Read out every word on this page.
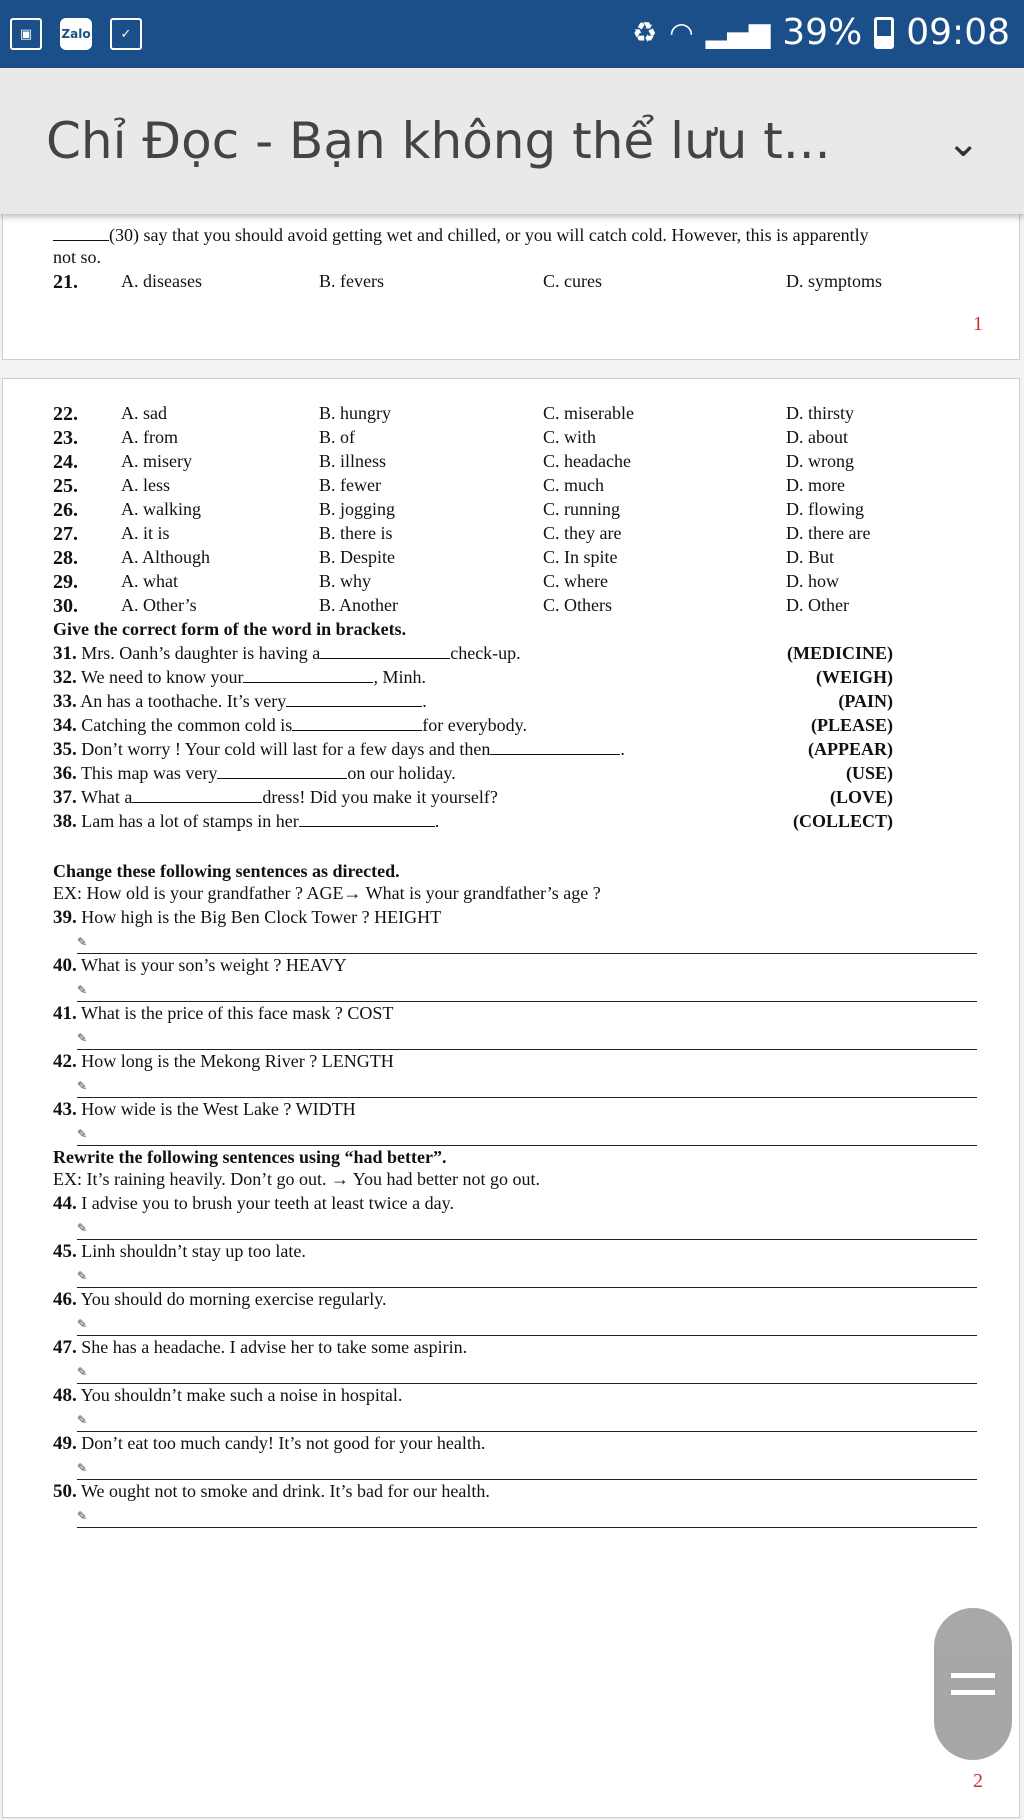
▣	Zalo	✓	♻ ◠ ▂▄▆ 39% 09:08
Chỉ Đọc - Bạn không thể lưu t...	⌄
(30) say that you should avoid getting wet and chilled, or you will catch cold. However, this is apparently
not so.
21. A. diseases	B. fevers	C. cures	D. symptoms
1
22. A. sad	B. hungry	C. miserable	D. thirsty
23. A. from	B. of	C. with	D. about
24. A. misery	B. illness	C. headache	D. wrong
25. A. less	B. fewer	C. much	D. more
26. A. walking	B. jogging	C. running	D. flowing
27. A. it is	B. there is	C. they are	D. there are
28. A. Although	B. Despite	C. In spite	D. But
29. A. what	B. why	C. where	D. how
30. A. Other’s	B. Another	C. Others	D. Other
Give the correct form of the word in brackets.
31. Mrs. Oanh’s daughter is having a	check-up.	(MEDICINE)
32. We need to know your	, Minh.	(WEIGH)
33. An has a toothache. It’s very	.	(PAIN)
34. Catching the common cold is	for everybody.	(PLEASE)
35. Don’t worry ! Your cold will last for a few days and then	.	(APPEAR)
36. This map was very	on our holiday.	(USE)
37. What a	dress! Did you make it yourself?	(LOVE)
38. Lam has a lot of stamps in her	.	(COLLECT)
Change these following sentences as directed.
EX: How old is your grandfather ? AGE→ What is your grandfather’s age ?
39. How high is the Big Ben Clock Tower ? HEIGHT
✎
40. What is your son’s weight ? HEAVY
✎
41. What is the price of this face mask ? COST
✎
42. How long is the Mekong River ? LENGTH
✎
43. How wide is the West Lake ? WIDTH
✎
Rewrite the following sentences using “had better”.
EX: It’s raining heavily. Don’t go out. → You had better not go out.
44. I advise you to brush your teeth at least twice a day.
✎
45. Linh shouldn’t stay up too late.
✎
46. You should do morning exercise regularly.
✎
47. She has a headache. I advise her to take some aspirin.
✎
48. You shouldn’t make such a noise in hospital.
✎
49. Don’t eat too much candy! It’s not good for your health.
✎
50. We ought not to smoke and drink. It’s bad for our health.
✎
2
